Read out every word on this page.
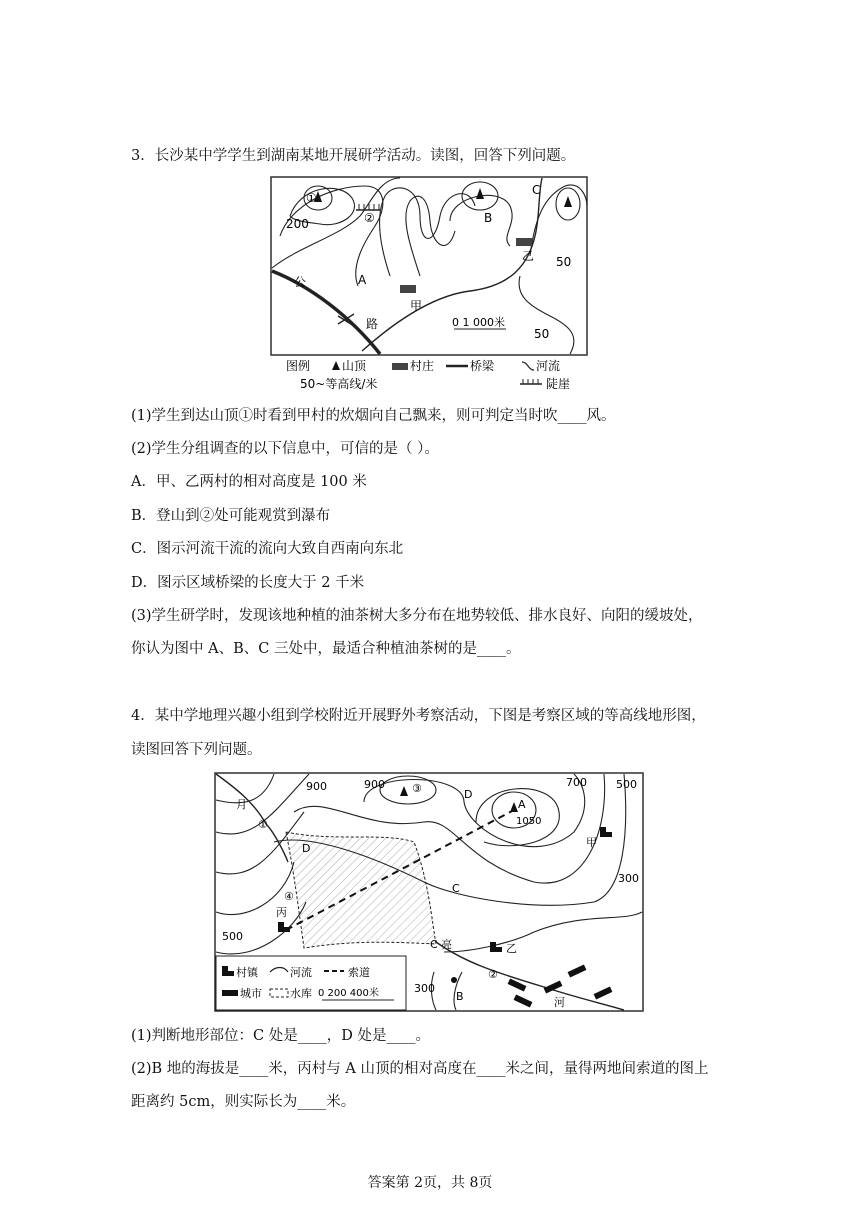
3．长沙某中学学生到湖南某地开展研学活动。读图，回答下列问题。
①
②
200
A
B
C
甲
乙 50
50
公
路	0 1 000米
图例	山顶	村庄	桥梁	河流
50~等高线/米	陡崖
(1)学生到达山顶①时看到甲村的炊烟向自己飘来，则可判定当时吹____风。
(2)学生分组调查的以下信息中，可信的是（ ）。
A．甲、乙两村的相对高度是 100 米
B．登山到②处可能观赏到瀑布
C．图示河流干流的流向大致自西南向东北
D．图示区域桥梁的长度大于 2 千米
(3)学生研学时，发现该地种植的油茶树大多分布在地势较低、排水良好、向阳的缓坡处，
你认为图中 A、B、C 三处中，最适合种植油茶树的是____。
4．某中学地理兴趣小组到学校附近开展野外考察活动，下图是考察区域的等高线地形图，
读图回答下列问题。
900	900 ③	D
A
1050
700	500
月
①
D
④
甲
300
C
丙
500
C 亮	乙
300
B
②
河
村镇	河流	索道
城市	水库 0 200 400米
(1)判断地形部位：C 处是____，D 处是____。
(2)B 地的海拔是____米，丙村与 A 山顶的相对高度在____米之间，量得两地间索道的图上
距离约 5cm，则实际长为____米。
答案第 2页，共 8页
